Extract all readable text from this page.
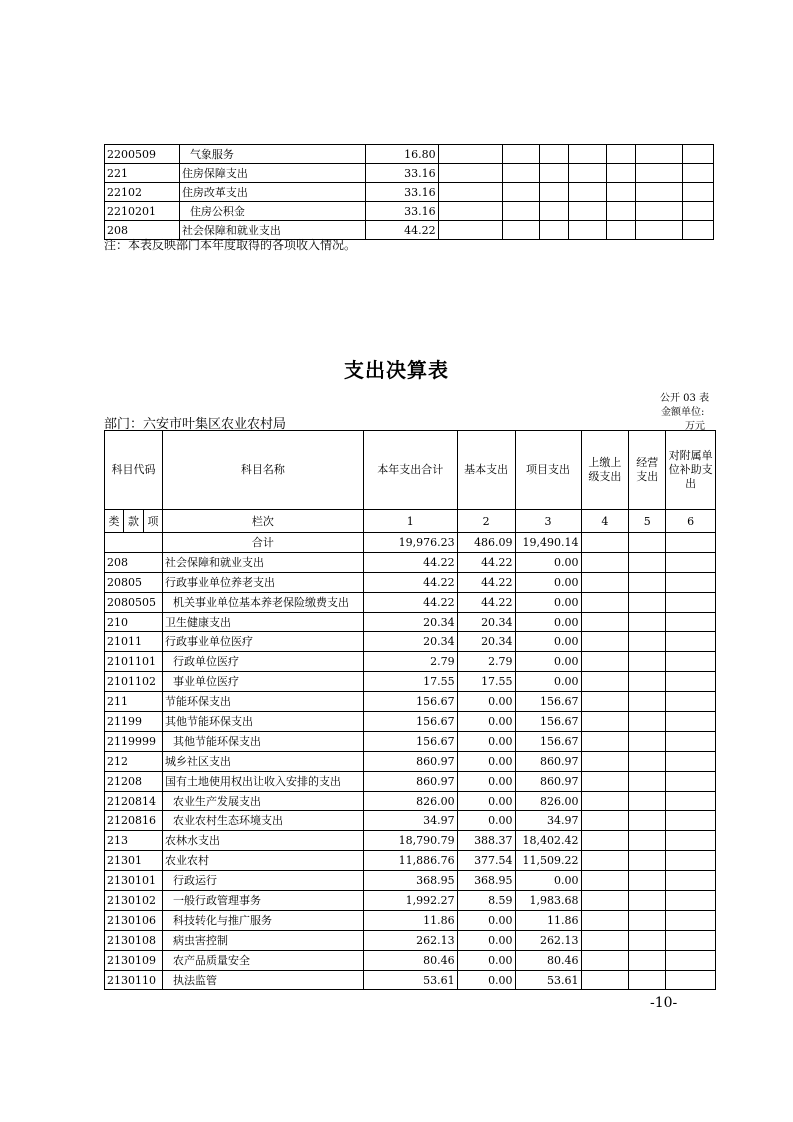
2200509	气象服务	16.80							
221	住房保障支出	33.16							
22102	住房改革支出	33.16							
2210201	住房公积金	33.16							
208	社会保障和就业支出	44.22							
注：本表反映部门本年度取得的各项收入情况。
支出决算表
公开 03 表
金额单位:
万元
部门：六安市叶集区农业农村局
科目代码			科目名称	本年支出合计	基本支出	项目支出	上缴上级支出	经营支出	对附属单位补助支出
类	款	项	栏次	1	2	3	4	5	6
			合计	19,976.23	486.09	19,490.14			
208			社会保障和就业支出	44.22	44.22	0.00			
20805			行政事业单位养老支出	44.22	44.22	0.00			
2080505			机关事业单位基本养老保险缴费支出	44.22	44.22	0.00			
210			卫生健康支出	20.34	20.34	0.00			
21011			行政事业单位医疗	20.34	20.34	0.00			
2101101			行政单位医疗	2.79	2.79	0.00			
2101102			事业单位医疗	17.55	17.55	0.00			
211			节能环保支出	156.67	0.00	156.67			
21199			其他节能环保支出	156.67	0.00	156.67			
2119999			其他节能环保支出	156.67	0.00	156.67			
212			城乡社区支出	860.97	0.00	860.97			
21208			国有土地使用权出让收入安排的支出	860.97	0.00	860.97			
2120814			农业生产发展支出	826.00	0.00	826.00			
2120816			农业农村生态环境支出	34.97	0.00	34.97			
213			农林水支出	18,790.79	388.37	18,402.42			
21301			农业农村	11,886.76	377.54	11,509.22			
2130101			行政运行	368.95	368.95	0.00			
2130102			一般行政管理事务	1,992.27	8.59	1,983.68			
2130106			科技转化与推广服务	11.86	0.00	11.86			
2130108			病虫害控制	262.13	0.00	262.13			
2130109			农产品质量安全	80.46	0.00	80.46			
2130110			执法监管	53.61	0.00	53.61			
-10-
